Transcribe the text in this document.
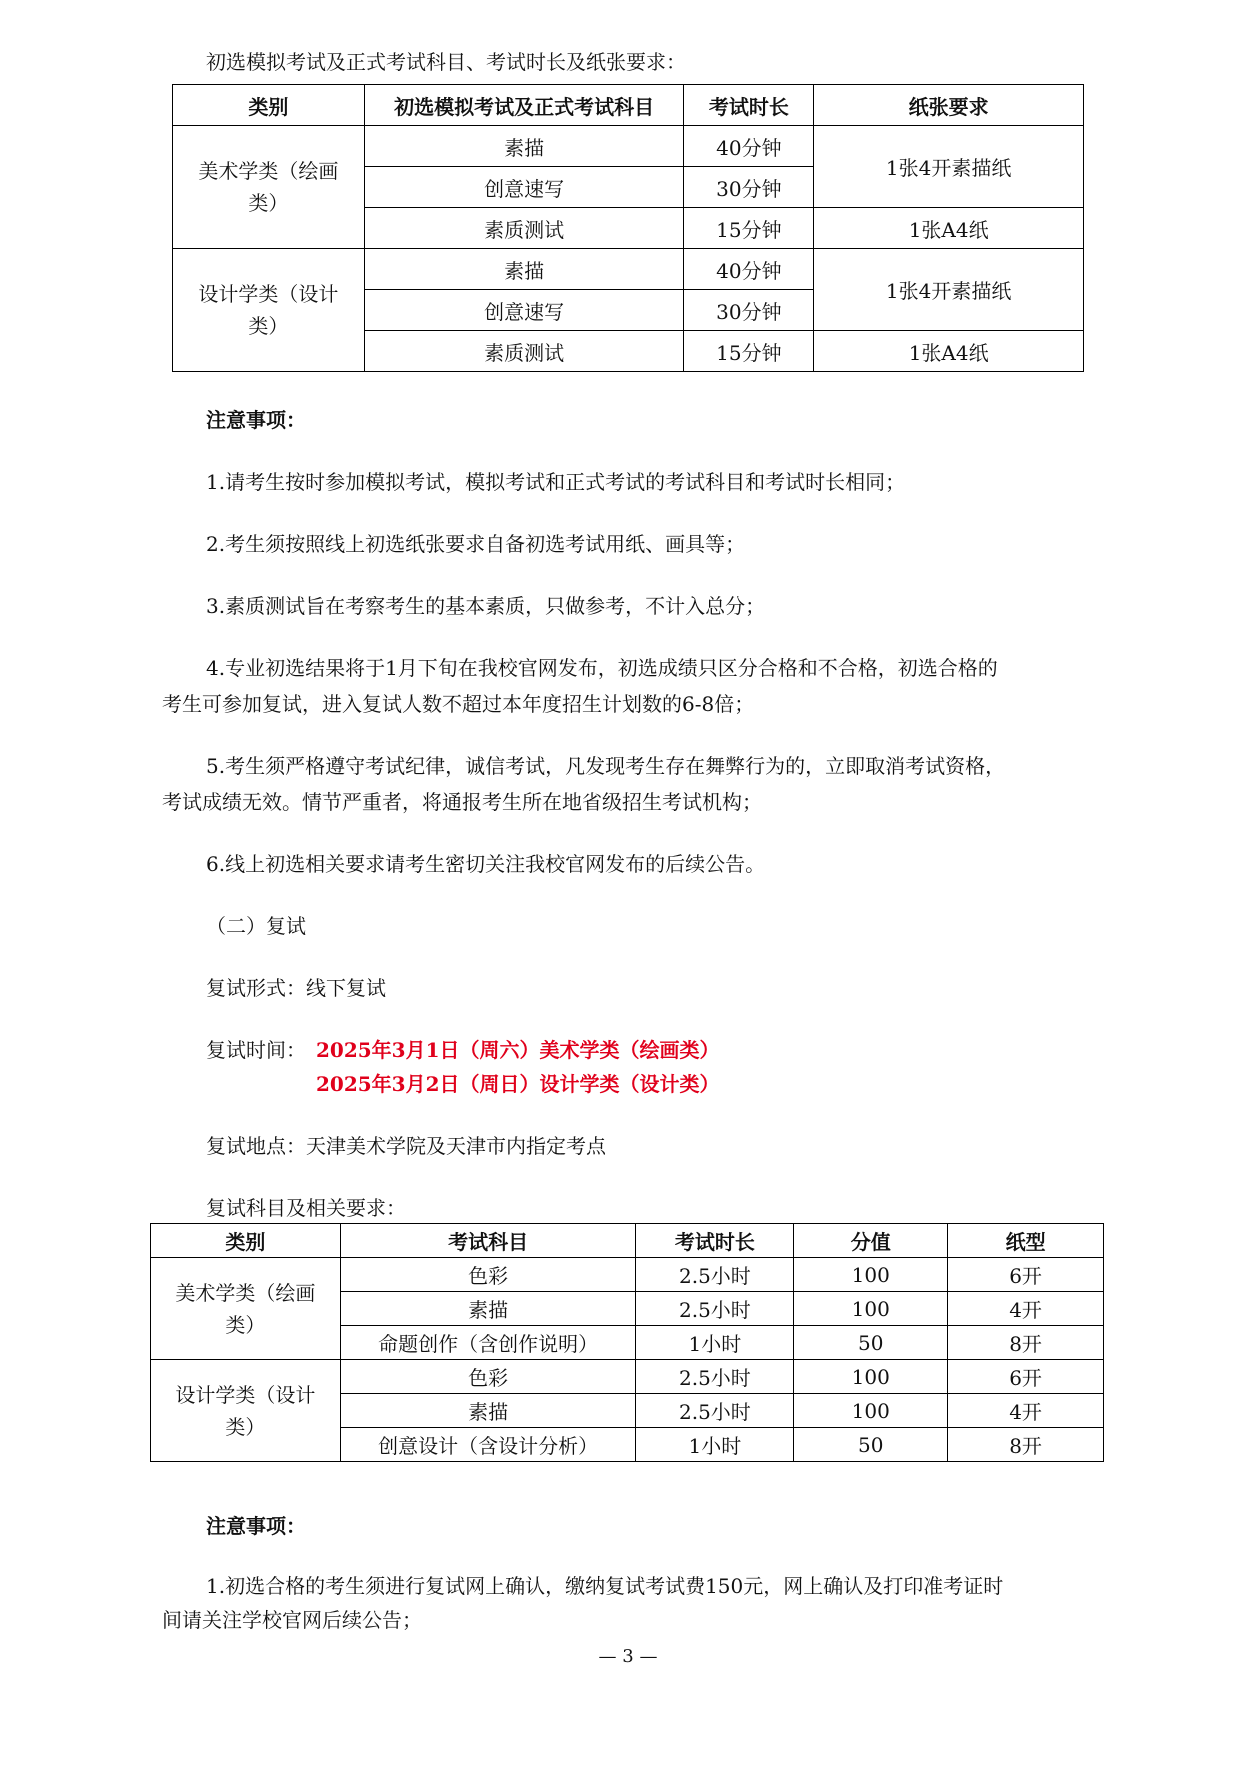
初选模拟考试及正式考试科目、考试时长及纸张要求：
类别	初选模拟考试及正式考试科目	考试时长	纸张要求
美术学类（绘画类）	素描	40分钟	1张4开素描纸
	创意速写	30分钟	
	素质测试	15分钟	1张A4纸
设计学类（设计类）	素描	40分钟	1张4开素描纸
	创意速写	30分钟	
	素质测试	15分钟	1张A4纸
注意事项：
1.请考生按时参加模拟考试，模拟考试和正式考试的考试科目和考试时长相同；
2.考生须按照线上初选纸张要求自备初选考试用纸、画具等；
3.素质测试旨在考察考生的基本素质，只做参考，不计入总分；
4.专业初选结果将于1月下旬在我校官网发布，初选成绩只区分合格和不合格，初选合格的
考生可参加复试，进入复试人数不超过本年度招生计划数的6-8倍；
5.考生须严格遵守考试纪律，诚信考试，凡发现考生存在舞弊行为的，立即取消考试资格，
考试成绩无效。情节严重者，将通报考生所在地省级招生考试机构；
6.线上初选相关要求请考生密切关注我校官网发布的后续公告。
（二）复试
复试形式：线下复试
复试时间： 2025年3月1日（周六）美术学类（绘画类）
2025年3月2日（周日）设计学类（设计类）
复试地点：天津美术学院及天津市内指定考点
复试科目及相关要求：
类别	考试科目	考试时长	分值	纸型
美术学类（绘画类）	色彩	2.5小时	100	6开
	素描	2.5小时	100	4开
	命题创作（含创作说明）	1小时	50	8开
设计学类（设计类）	色彩	2.5小时	100	6开
	素描	2.5小时	100	4开
	创意设计（含设计分析）	1小时	50	8开
注意事项：
1.初选合格的考生须进行复试网上确认，缴纳复试考试费150元，网上确认及打印准考证时
间请关注学校官网后续公告；
— 3 —
